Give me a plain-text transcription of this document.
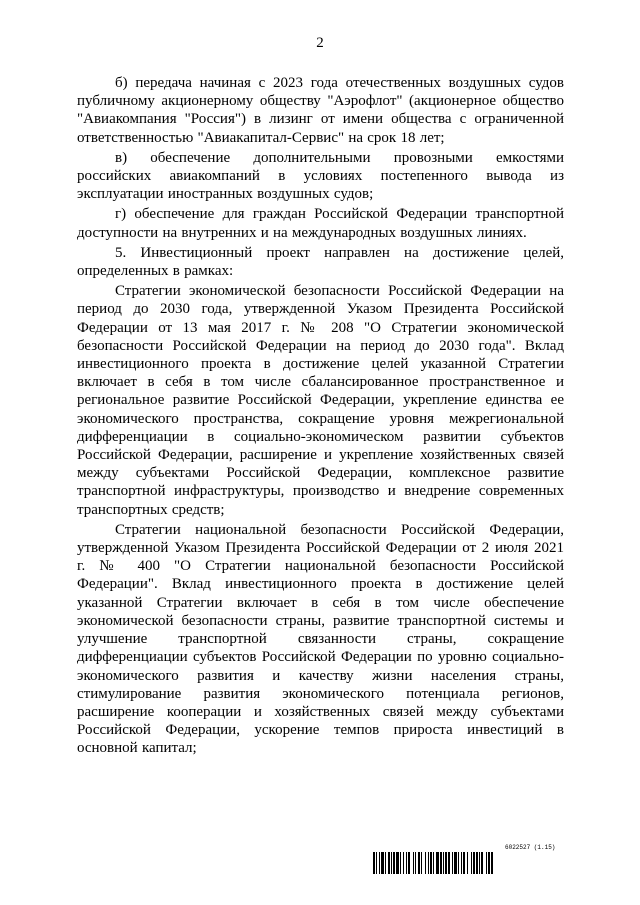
2

б) передача начиная с 2023 года отечественных воздушных судов публичному акционерному обществу "Аэрофлот" (акционерное общество "Авиакомпания "Россия") в лизинг от имени общества с ограниченной ответственностью "Авиакапитал-Сервис" на срок 18 лет;

в) обеспечение дополнительными провозными емкостями российских авиакомпаний в условиях постепенного вывода из эксплуатации иностранных воздушных судов;

г) обеспечение для граждан Российской Федерации транспортной доступности на внутренних и на международных воздушных линиях.

5. Инвестиционный проект направлен на достижение целей, определенных в рамках:

Стратегии экономической безопасности Российской Федерации на период до 2030 года, утвержденной Указом Президента Российской Федерации от 13 мая 2017 г. № 208 "О Стратегии экономической безопасности Российской Федерации на период до 2030 года". Вклад инвестиционного проекта в достижение целей указанной Стратегии включает в себя в том числе сбалансированное пространственное и региональное развитие Российской Федерации, укрепление единства ее экономического пространства, сокращение уровня межрегиональной дифференциации в социально-экономическом развитии субъектов Российской Федерации, расширение и укрепление хозяйственных связей между субъектами Российской Федерации, комплексное развитие транспортной инфраструктуры, производство и внедрение современных транспортных средств;

Стратегии национальной безопасности Российской Федерации, утвержденной Указом Президента Российской Федерации от 2 июля 2021 г. № 400 "О Стратегии национальной безопасности Российской Федерации". Вклад инвестиционного проекта в достижение целей указанной Стратегии включает в себя в том числе обеспечение экономической безопасности страны, развитие транспортной системы и улучшение транспортной связанности страны, сокращение дифференциации субъектов Российской Федерации по уровню социально-экономического развития и качеству жизни населения страны, стимулирование развития экономического потенциала регионов, расширение кооперации и хозяйственных связей между субъектами Российской Федерации, ускорение темпов прироста инвестиций в основной капитал;

6022527 (1.15)
